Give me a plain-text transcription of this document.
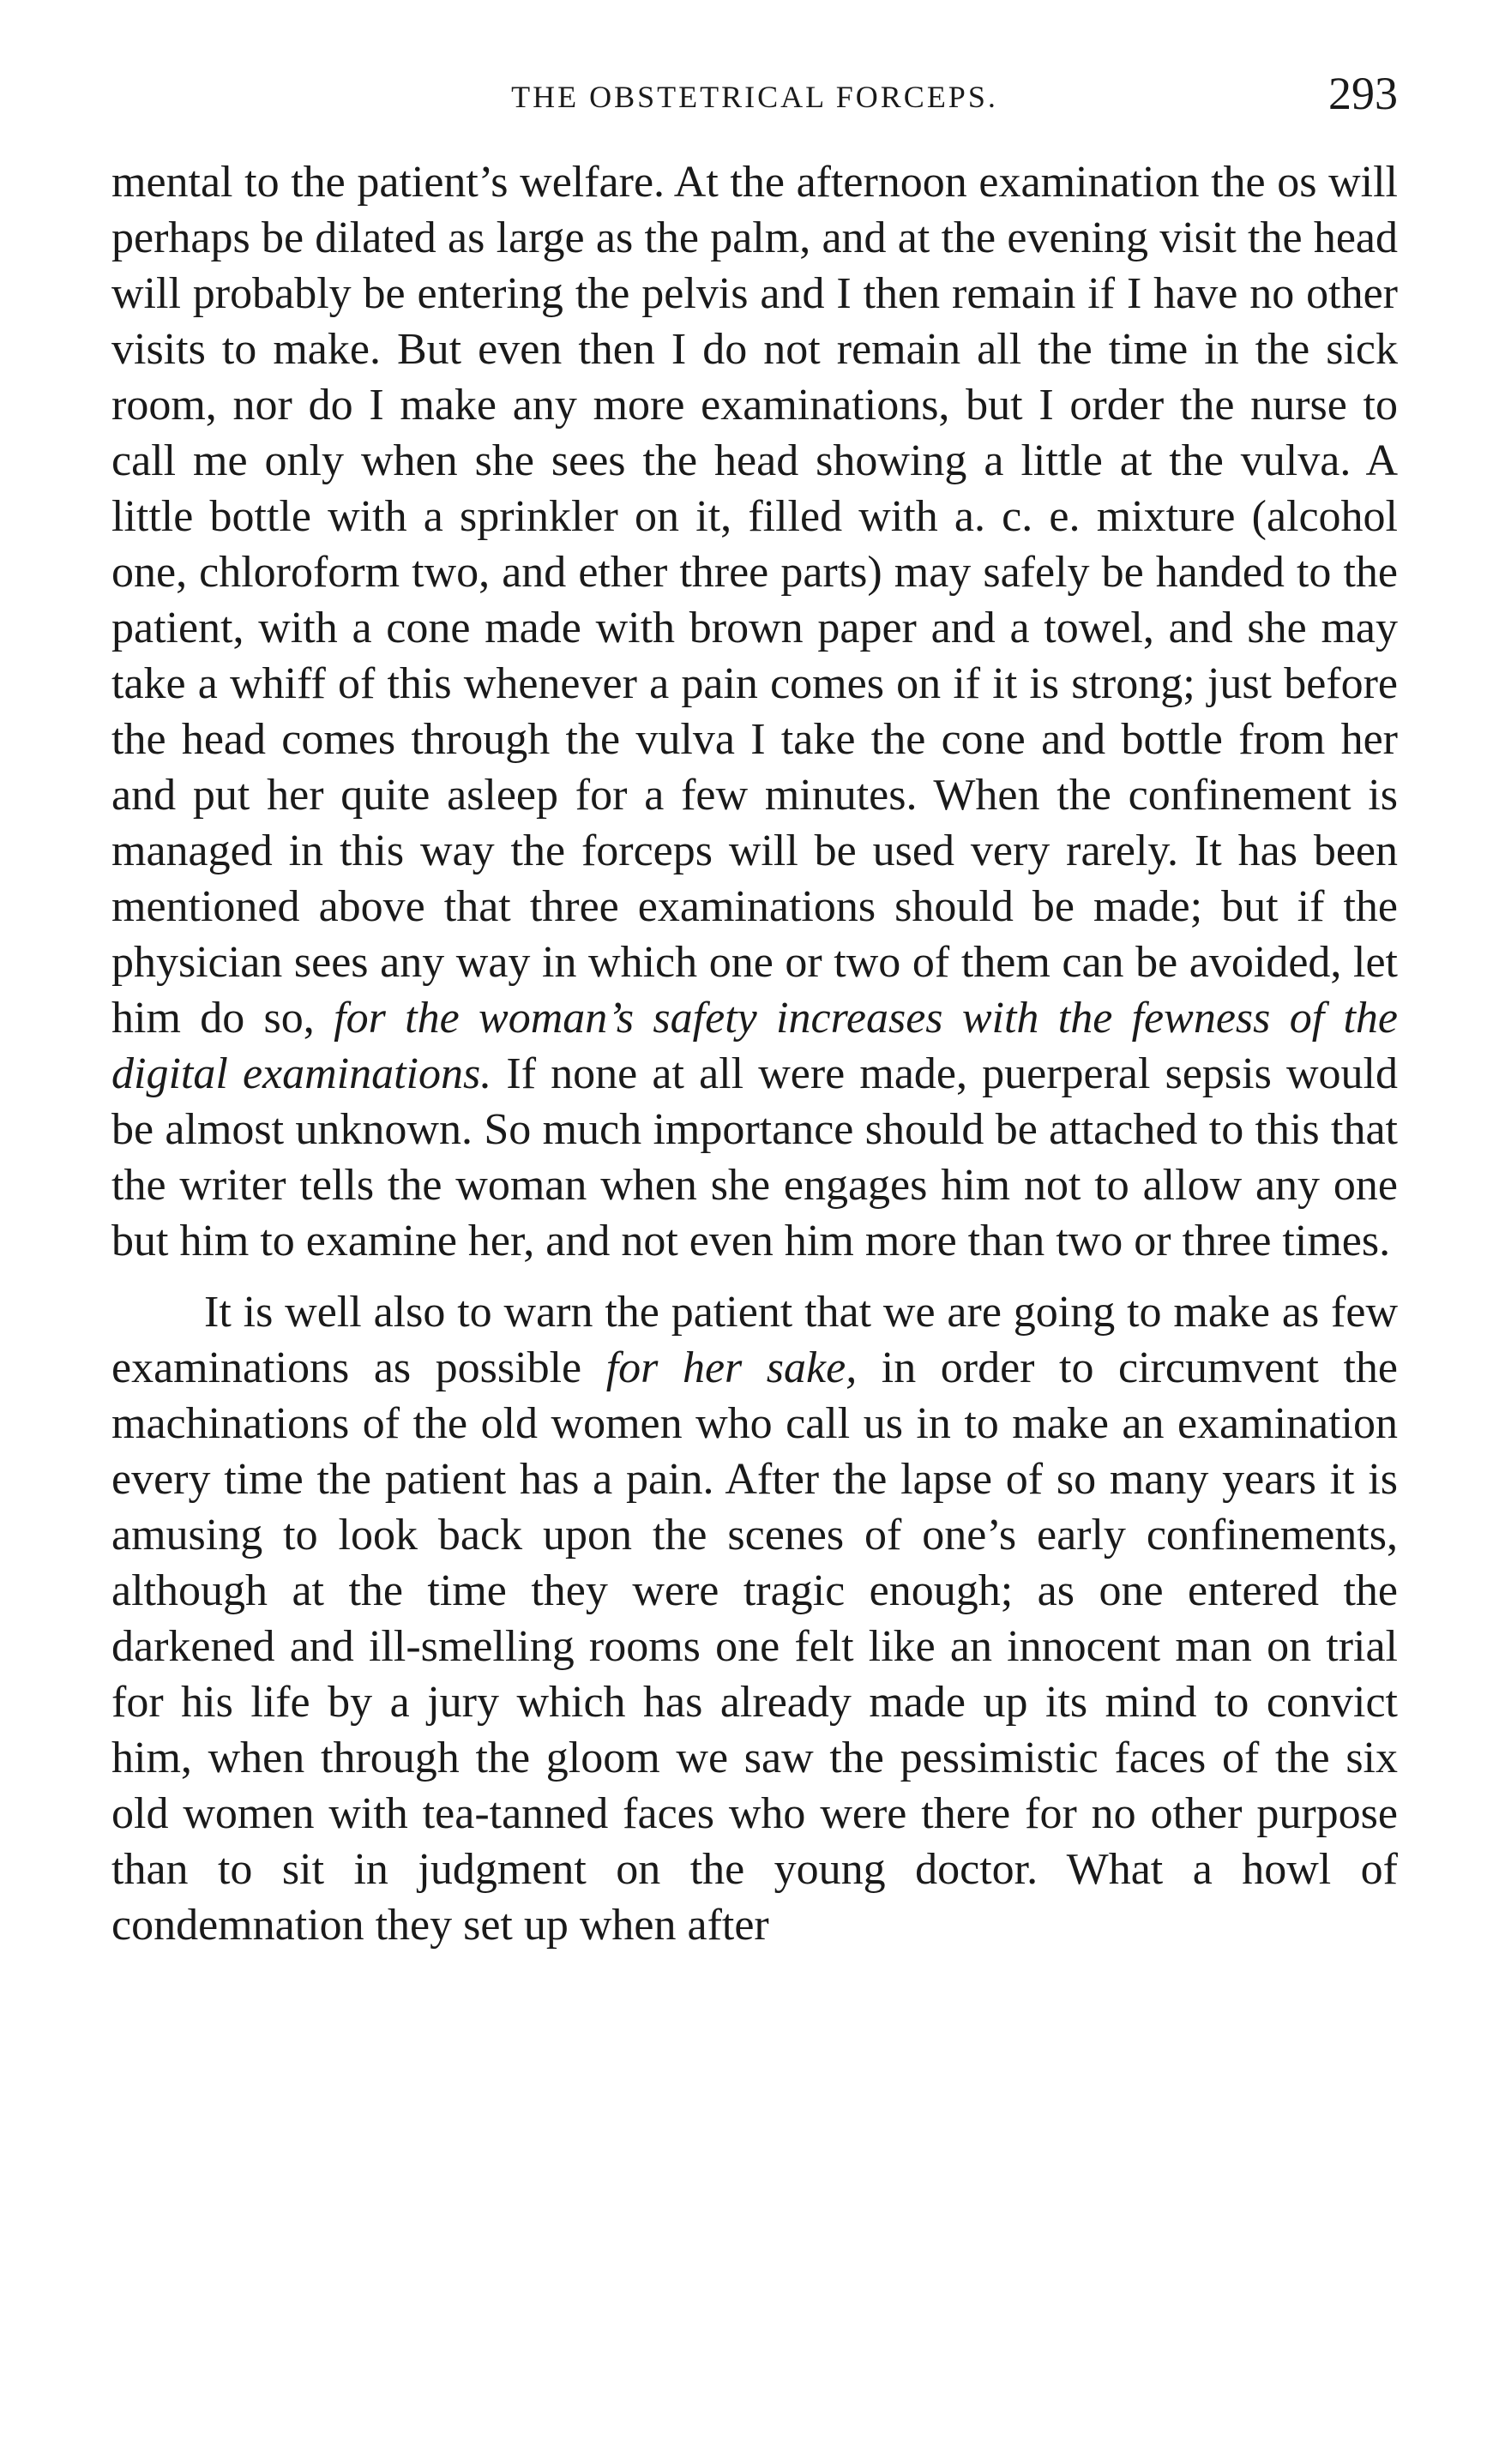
THE OBSTETRICAL FORCEPS.	293

mental to the patient’s welfare. At the afternoon examination the os will perhaps be dilated as large as the palm, and at the evening visit the head will probably be entering the pelvis and I then remain if I have no other visits to make. But even then I do not remain all the time in the sick room, nor do I make any more examinations, but I order the nurse to call me only when she sees the head showing a little at the vulva. A little bottle with a sprinkler on it, filled with a. c. e. mixture (alcohol one, chloroform two, and ether three parts) may safely be handed to the patient, with a cone made with brown paper and a towel, and she may take a whiff of this whenever a pain comes on if it is strong; just before the head comes through the vulva I take the cone and bottle from her and put her quite asleep for a few minutes. When the confinement is managed in this way the forceps will be used very rarely. It has been mentioned above that three examinations should be made; but if the physician sees any way in which one or two of them can be avoided, let him do so, for the woman’s safety increases with the fewness of the digital examinations. If none at all were made, puerperal sepsis would be almost unknown. So much importance should be attached to this that the writer tells the woman when she engages him not to allow any one but him to examine her, and not even him more than two or three times.

It is well also to warn the patient that we are going to make as few examinations as possible for her sake, in order to circumvent the machinations of the old women who call us in to make an examination every time the patient has a pain. After the lapse of so many years it is amusing to look back upon the scenes of one’s early confinements, although at the time they were tragic enough; as one entered the darkened and ill-smelling rooms one felt like an innocent man on trial for his life by a jury which has already made up its mind to convict him, when through the gloom we saw the pessimistic faces of the six old women with tea-tanned faces who were there for no other purpose than to sit in judgment on the young doctor. What a howl of condemnation they set up when after
